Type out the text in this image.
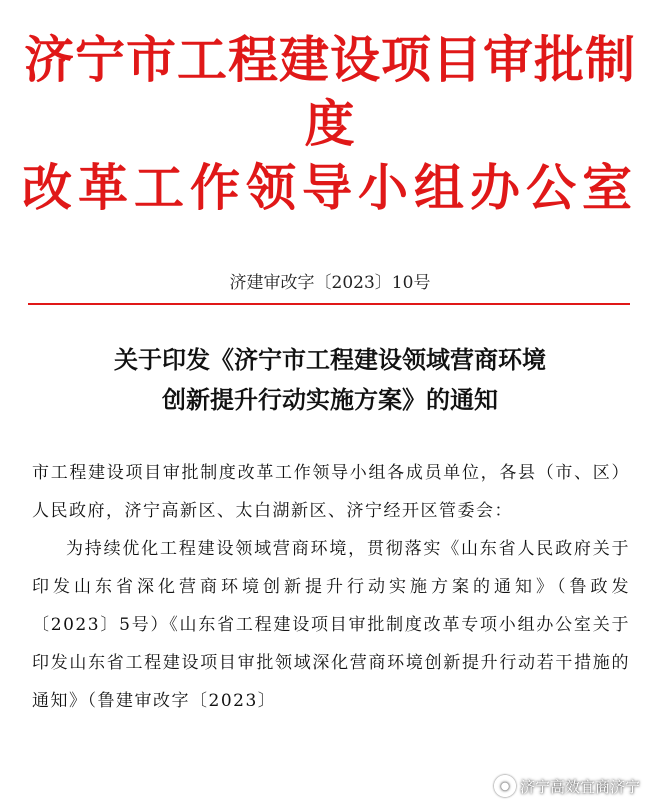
济宁市工程建设项目审批制度
改革工作领导小组办公室
济建审改字〔2023〕10号
关于印发《济宁市工程建设领域营商环境
创新提升行动实施方案》的通知

市工程建设项目审批制度改革工作领导小组各成员单位，各县（市、区）人民政府，济宁高新区、太白湖新区、济宁经开区管委会：

为持续优化工程建设领域营商环境，贯彻落实《山东省人民政府关于印发山东省深化营商环境创新提升行动实施方案的通知》（鲁政发〔2023〕5号）《山东省工程建设项目审批制度改革专项小组办公室关于印发山东省工程建设项目审批领域深化营商环境创新提升行动若干措施的通知》（鲁建审改字〔2023〕

● 济宁高效宜商济宁
